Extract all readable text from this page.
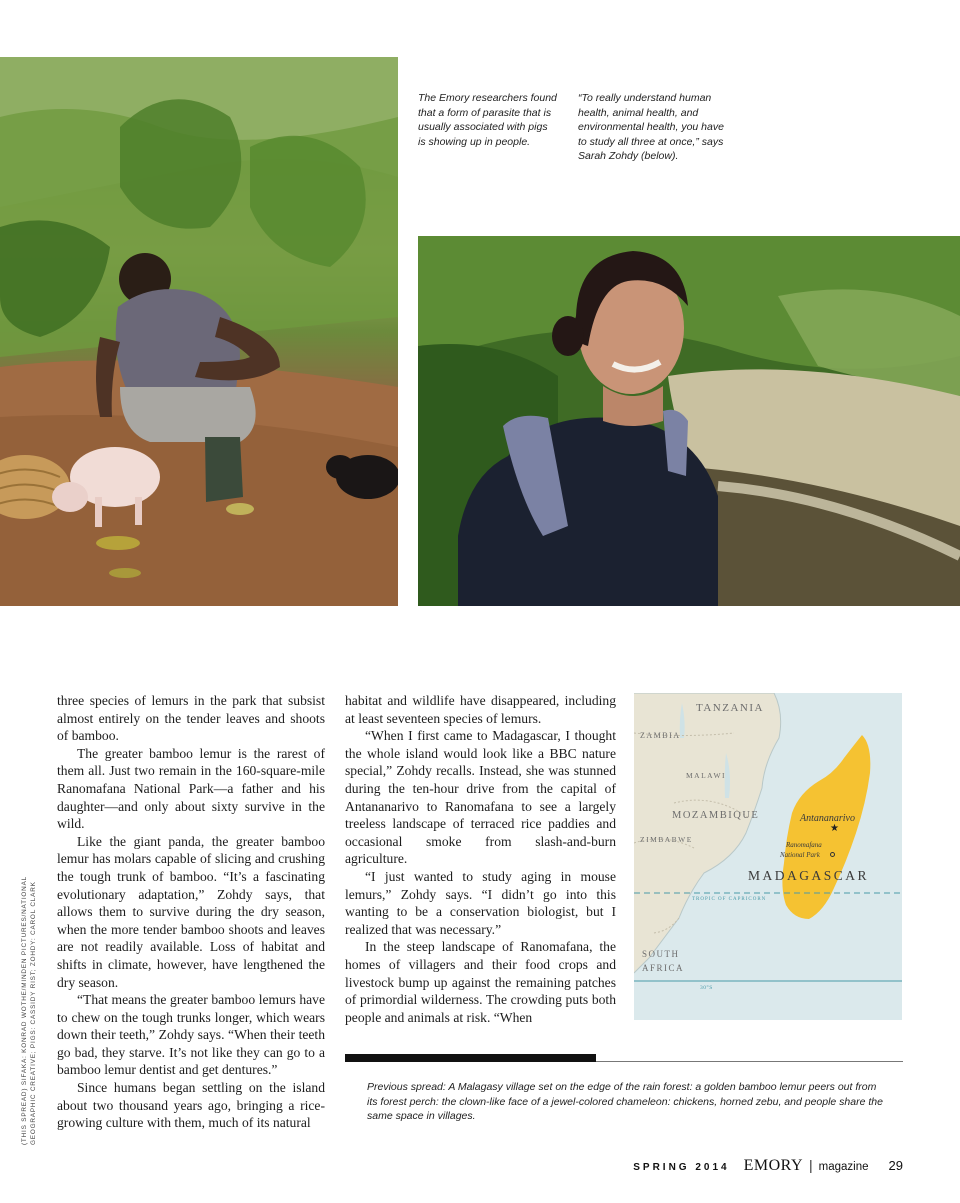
The Emory researchers found that a form of parasite that is usually associated with pigs is showing up in people.
“To really understand human health, animal health, and environmental health, you have to study all three at once,” says Sarah Zohdy (below).
(THIS SPREAD) SIFAKA: KONRAD WOTHE/MINDEN PICTURES/NATIONAL GEOGRAPHIC CREATIVE; PIGS: CASSIDY RIST; ZOHDY: CAROL CLARK

three species of lemurs in the park that subsist almost entirely on the tender leaves and shoots of bamboo.

The greater bamboo lemur is the rarest of them all. Just two remain in the 160-square-mile Ranomafana National Park—a father and his daughter—and only about sixty survive in the wild.

Like the giant panda, the greater bamboo lemur has molars capable of slicing and crushing the tough trunk of bamboo. “It’s a fascinating evolutionary adaptation,” Zohdy says, that allows them to survive during the dry season, when the more tender bamboo shoots and leaves are not readily available. Loss of habitat and shifts in climate, however, have lengthened the dry season.

“That means the greater bamboo lemurs have to chew on the tough trunks longer, which wears down their teeth,” Zohdy says. “When their teeth go bad, they starve. It’s not like they can go to a bamboo lemur dentist and get dentures.”

Since humans began settling on the island about two thousand years ago, bringing a rice-growing culture with them, much of its natural

habitat and wildlife have disappeared, including at least seventeen species of lemurs.

“When I first came to Madagascar, I thought the whole island would look like a BBC nature special,” Zohdy recalls. Instead, she was stunned during the ten-hour drive from the capital of Antananarivo to Ranomafana to see a largely treeless landscape of terraced rice paddies and occasional smoke from slash-and-burn agriculture.

“I just wanted to study aging in mouse lemurs,” Zohdy says. “I didn’t go into this wanting to be a conservation biologist, but I realized that was necessary.”

In the steep landscape of Ranomafana, the homes of villagers and their food crops and livestock bump up against the remaining patches of primordial wilderness. The crowding puts both people and animals at risk. “When

TANZANIA
ZAMBIA
MALAWI
MOZAMBIQUE
ZIMBABWE
SOUTH
AFRICA
MADAGASCAR
Antananarivo
★
Ranomafana
National Park
TROPIC OF CAPRICORN
30°S
Previous spread: A Malagasy village set on the edge of the rain forest: a golden bamboo lemur peers out from its forest perch: the clown-like face of a jewel-colored chameleon: chickens, horned zebu, and people share the same space in villages.
SPRING 2014 EMORY | magazine 29
